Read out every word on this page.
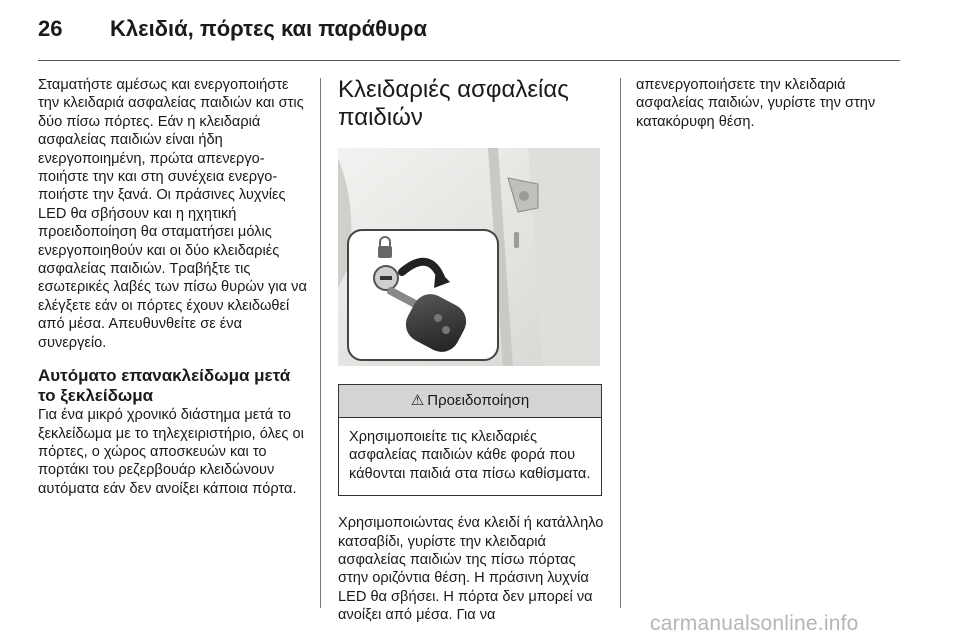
26 Κλειδιά, πόρτες και παράθυρα

Σταματήστε αμέσως και ενεργοποιήστε την κλειδαριά ασφαλείας παιδιών και στις δύο πίσω πόρτες. Εάν η κλειδαριά ασφαλείας παιδιών είναι ήδη ενεργοποιημένη, πρώτα απενεργοποιήστε την και στη συνέχεια ενεργοποιήστε την ξανά. Οι πράσινες λυχνίες LED θα σβήσουν και η ηχητική προειδοποίηση θα σταματήσει μόλις ενεργοποιηθούν και οι δύο κλειδαριές ασφαλείας παιδιών. Τραβήξτε τις εσωτερικές λαβές των πίσω θυρών για να ελέγξετε εάν οι πόρτες έχουν κλειδωθεί από μέσα. Απευθυνθείτε σε ένα συνεργείο.

Αυτόματο επανακλείδωμα μετά το ξεκλείδωμα

Για ένα μικρό χρονικό διάστημα μετά το ξεκλείδωμα με το τηλεχειριστήριο, όλες οι πόρτες, ο χώρος αποσκευών και το πορτάκι του ρεζερβουάρ κλειδώνουν αυτόματα εάν δεν ανοίξει κάποια πόρτα.

Κλειδαριές ασφαλείας παιδιών
⚠ Προειδοποίηση
Χρησιμοποιείτε τις κλειδαριές ασφαλείας παιδιών κάθε φορά που κάθονται παιδιά στα πίσω καθίσματα.

Χρησιμοποιώντας ένα κλειδί ή κατάλληλο κατσαβίδι, γυρίστε την κλειδαριά ασφαλείας παιδιών της πίσω πόρτας στην οριζόντια θέση. Η πράσινη λυχνία LED θα σβήσει. Η πόρτα δεν μπορεί να ανοίξει από μέσα. Για να

απενεργοποιήσετε την κλειδαριά ασφαλείας παιδιών, γυρίστε την στην κατακόρυφη θέση.

carmanualsonline.info
